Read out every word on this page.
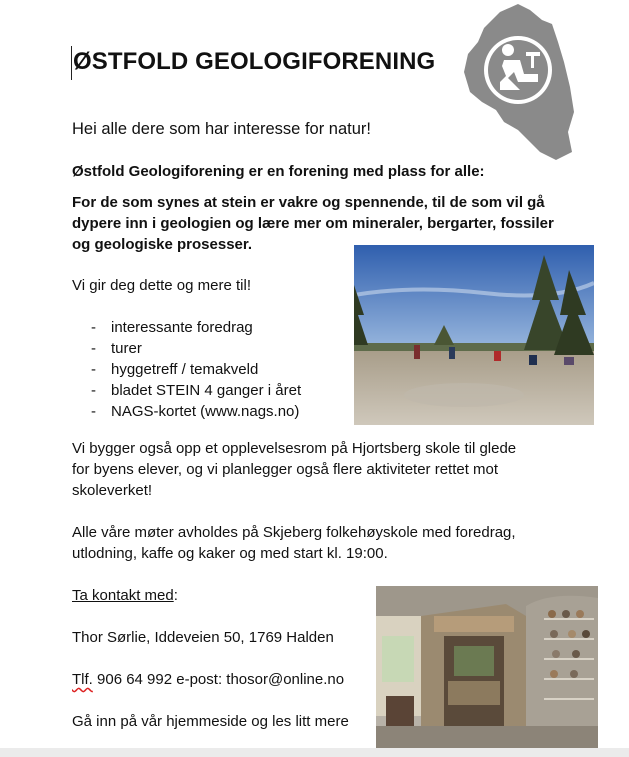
ØSTFOLD GEOLOGIFORENING
Hei alle dere som har interesse for natur!
Østfold Geologiforening er en forening med plass for alle:
For de som synes at stein er vakre og spennende, til de som vil gå
dypere inn i geologien og lære mer om mineraler, bergarter, fossiler
og geologiske prosesser.
Vi gir deg dette og mere til!
- interessante foredrag
- turer
- hyggetreff / temakveld
- bladet STEIN 4 ganger i året
- NAGS-kortet (www.nags.no)
Vi bygger også opp et opplevelsesrom på Hjortsberg skole til glede
for byens elever, og vi planlegger også flere aktiviteter rettet mot
skoleverket!
Alle våre møter avholdes på Skjeberg folkehøyskole med foredrag,
utlodning, kaffe og kaker og med start kl. 19:00.
Ta kontakt med:
Thor Sørlie, Iddeveien 50, 1769 Halden
Tlf. 906 64 992 e-post: thosor@online.no
Gå inn på vår hjemmeside og les litt mere
